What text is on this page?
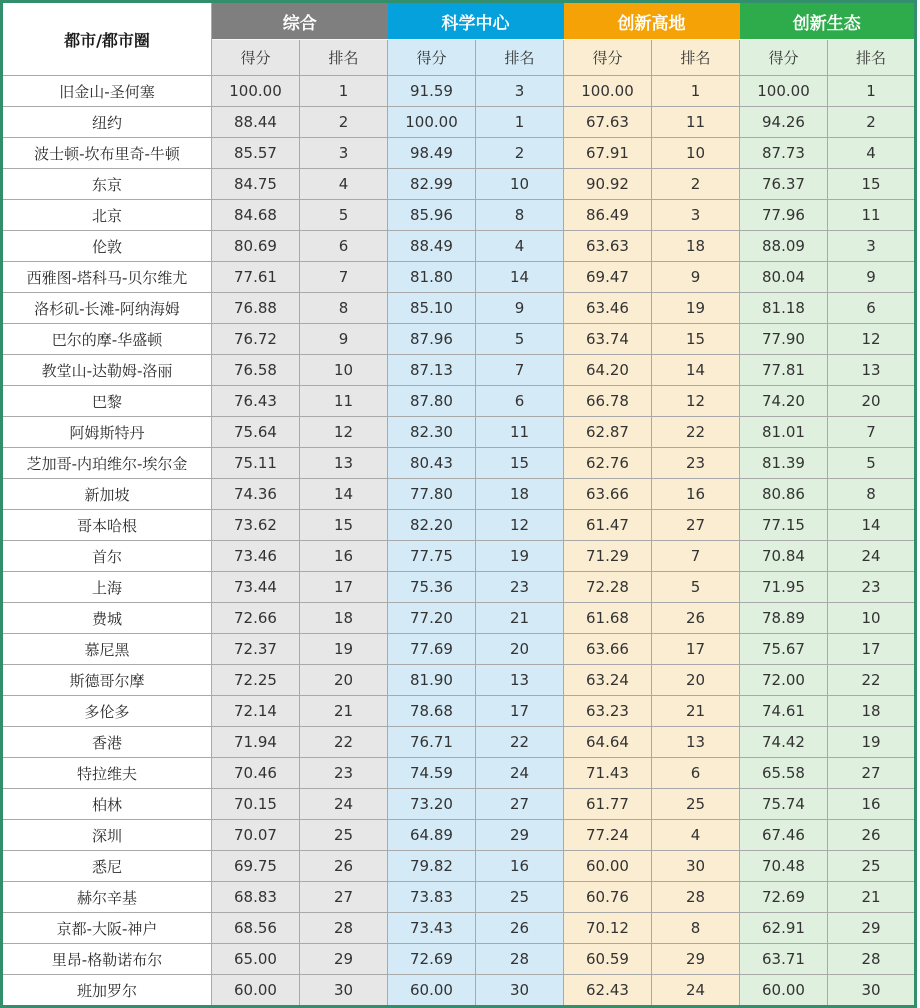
都市/都市圈	综合		科学中心		创新高地		创新生态	
	得分	排名	得分	排名	得分	排名	得分	排名
旧金山-圣何塞	100.00	1	91.59	3	100.00	1	100.00	1
纽约	88.44	2	100.00	1	67.63	11	94.26	2
波士顿-坎布里奇-牛顿	85.57	3	98.49	2	67.91	10	87.73	4
东京	84.75	4	82.99	10	90.92	2	76.37	15
北京	84.68	5	85.96	8	86.49	3	77.96	11
伦敦	80.69	6	88.49	4	63.63	18	88.09	3
西雅图-塔科马-贝尔维尤	77.61	7	81.80	14	69.47	9	80.04	9
洛杉矶-长滩-阿纳海姆	76.88	8	85.10	9	63.46	19	81.18	6
巴尔的摩-华盛顿	76.72	9	87.96	5	63.74	15	77.90	12
教堂山-达勒姆-洛丽	76.58	10	87.13	7	64.20	14	77.81	13
巴黎	76.43	11	87.80	6	66.78	12	74.20	20
阿姆斯特丹	75.64	12	82.30	11	62.87	22	81.01	7
芝加哥-内珀维尔-埃尔金	75.11	13	80.43	15	62.76	23	81.39	5
新加坡	74.36	14	77.80	18	63.66	16	80.86	8
哥本哈根	73.62	15	82.20	12	61.47	27	77.15	14
首尔	73.46	16	77.75	19	71.29	7	70.84	24
上海	73.44	17	75.36	23	72.28	5	71.95	23
费城	72.66	18	77.20	21	61.68	26	78.89	10
慕尼黑	72.37	19	77.69	20	63.66	17	75.67	17
斯德哥尔摩	72.25	20	81.90	13	63.24	20	72.00	22
多伦多	72.14	21	78.68	17	63.23	21	74.61	18
香港	71.94	22	76.71	22	64.64	13	74.42	19
特拉维夫	70.46	23	74.59	24	71.43	6	65.58	27
柏林	70.15	24	73.20	27	61.77	25	75.74	16
深圳	70.07	25	64.89	29	77.24	4	67.46	26
悉尼	69.75	26	79.82	16	60.00	30	70.48	25
赫尔辛基	68.83	27	73.83	25	60.76	28	72.69	21
京都-大阪-神户	68.56	28	73.43	26	70.12	8	62.91	29
里昂-格勒诺布尔	65.00	29	72.69	28	60.59	29	63.71	28
班加罗尔	60.00	30	60.00	30	62.43	24	60.00	30
